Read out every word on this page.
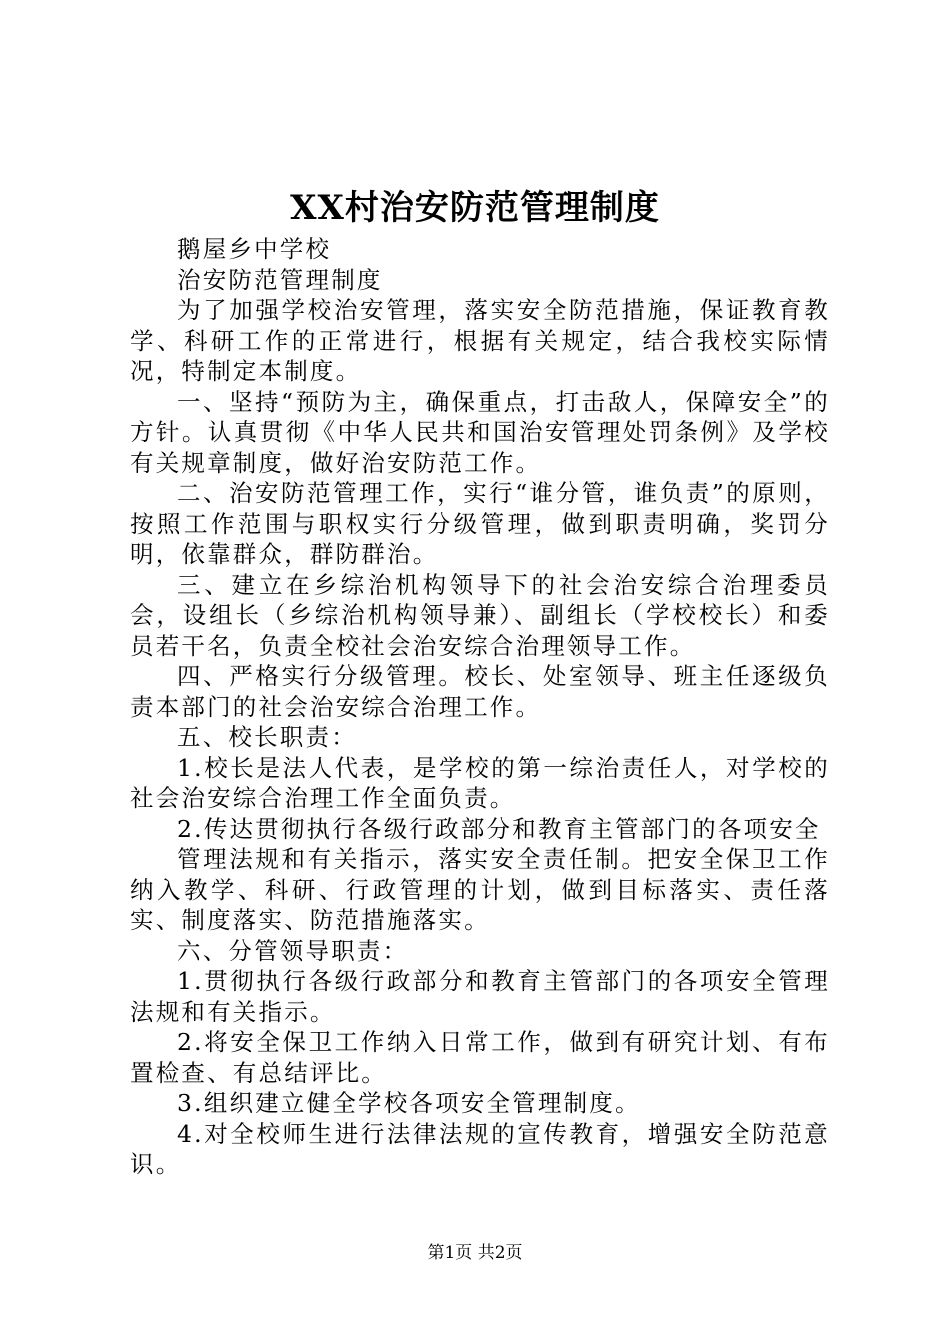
XX村治安防范管理制度

鹅屋乡中学校

治安防范管理制度

为了加强学校治安管理，落实安全防范措施，保证教育教学、科研工作的正常进行，根据有关规定，结合我校实际情况，特制定本制度。

一、坚持“预防为主，确保重点，打击敌人，保障安全”的方针。认真贯彻《中华人民共和国治安管理处罚条例》及学校有关规章制度，做好治安防范工作。

二、治安防范管理工作，实行“谁分管，谁负责”的原则，按照工作范围与职权实行分级管理，做到职责明确，奖罚分明，依靠群众，群防群治。

三、建立在乡综治机构领导下的社会治安综合治理委员会，设组长（乡综治机构领导兼）、副组长（学校校长）和委员若干名，负责全校社会治安综合治理领导工作。

四、严格实行分级管理。校长、处室领导、班主任逐级负责本部门的社会治安综合治理工作。

五、校长职责：

1.校长是法人代表，是学校的第一综治责任人，对学校的社会治安综合治理工作全面负责。

2.传达贯彻执行各级行政部分和教育主管部门的各项安全

管理法规和有关指示，落实安全责任制。把安全保卫工作纳入教学、科研、行政管理的计划，做到目标落实、责任落实、制度落实、防范措施落实。

六、分管领导职责：

1.贯彻执行各级行政部分和教育主管部门的各项安全管理法规和有关指示。

2.将安全保卫工作纳入日常工作，做到有研究计划、有布置检查、有总结评比。

3.组织建立健全学校各项安全管理制度。

4.对全校师生进行法律法规的宣传教育，增强安全防范意识。

第1页 共2页
